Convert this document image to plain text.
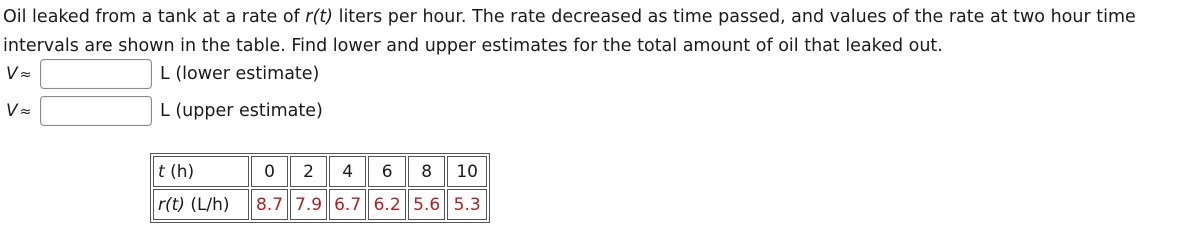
Oil leaked from a tank at a rate of r(t) liters per hour. The rate decreased as time passed, and values of the rate at two hour time

intervals are shown in the table. Find lower and upper estimates for the total amount of oil that leaked out.

V ≈	L (lower estimate)
V ≈	L (upper estimate)
t (h)	0	2	4	6	8	10
r(t) (L/h)	8.7	7.9	6.7	6.2	5.6	5.3
